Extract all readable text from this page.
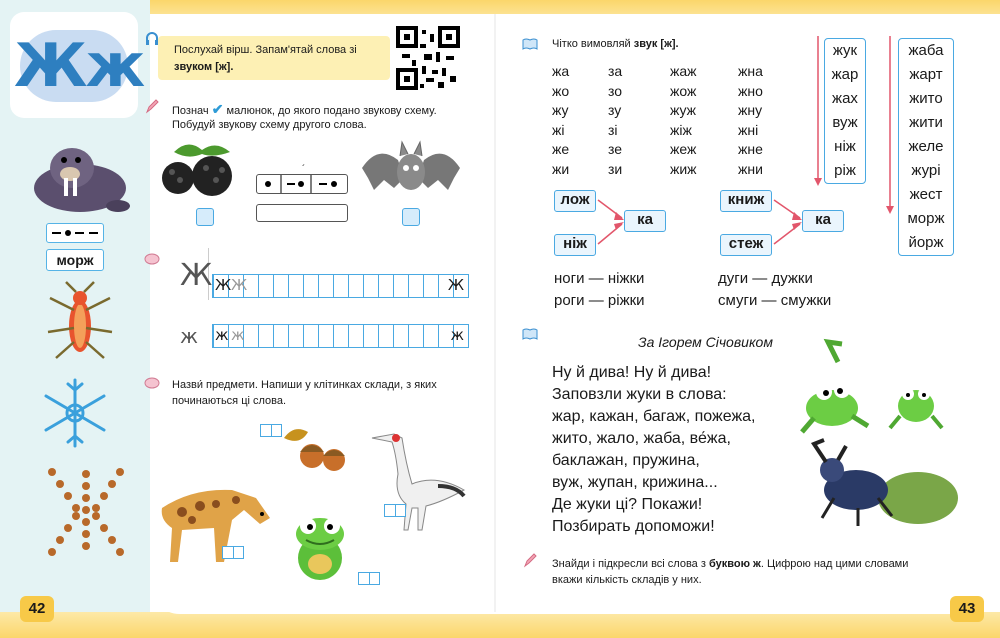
Жж
морж
42
Послухай вірш. Запам'ятай слова зі
звуком [ж].
Познач ✔ малюнок, до якого подано звукову схему.
Побудуй звукову схему другого слова.
´
Ж Ж Ж	Ж
ж ж ж	ж
Назви́ предмети. Напиши у клітинках склади, з яких
починаються ці слова.
Чітко вимовляй звук [ж].
жа
жо
жу
жі
же
жи
за
зо
зу
зі
зе
зи
жаж
жож
жуж
жіж
жеж
жиж
жна
жно
жну
жні
жне
жни
жук
жар
жах
вуж
ніж
ріж
жаба
жарт
жито
жити
желе
журі
жест
морж
йорж
лож
ніж
ка
книж
стеж
ка
ноги — ніжки
роги — ріжки
дуги — дужки
смуги — смужки
За Ігорем Січовиком
Ну й дива! Ну й дива!
Заповзли жуки в слова:
жар, кажан, багаж, пожежа,
жито, жало, жаба, ве́жа,
баклажан, пружина,
вуж, жупан, крижина...
Де жуки ці? Покажи!
Позбирать допоможи!
Знайди і підкресли всі слова з буквою ж. Цифрою над цими словами
вкажи кількість складів у них.
43
